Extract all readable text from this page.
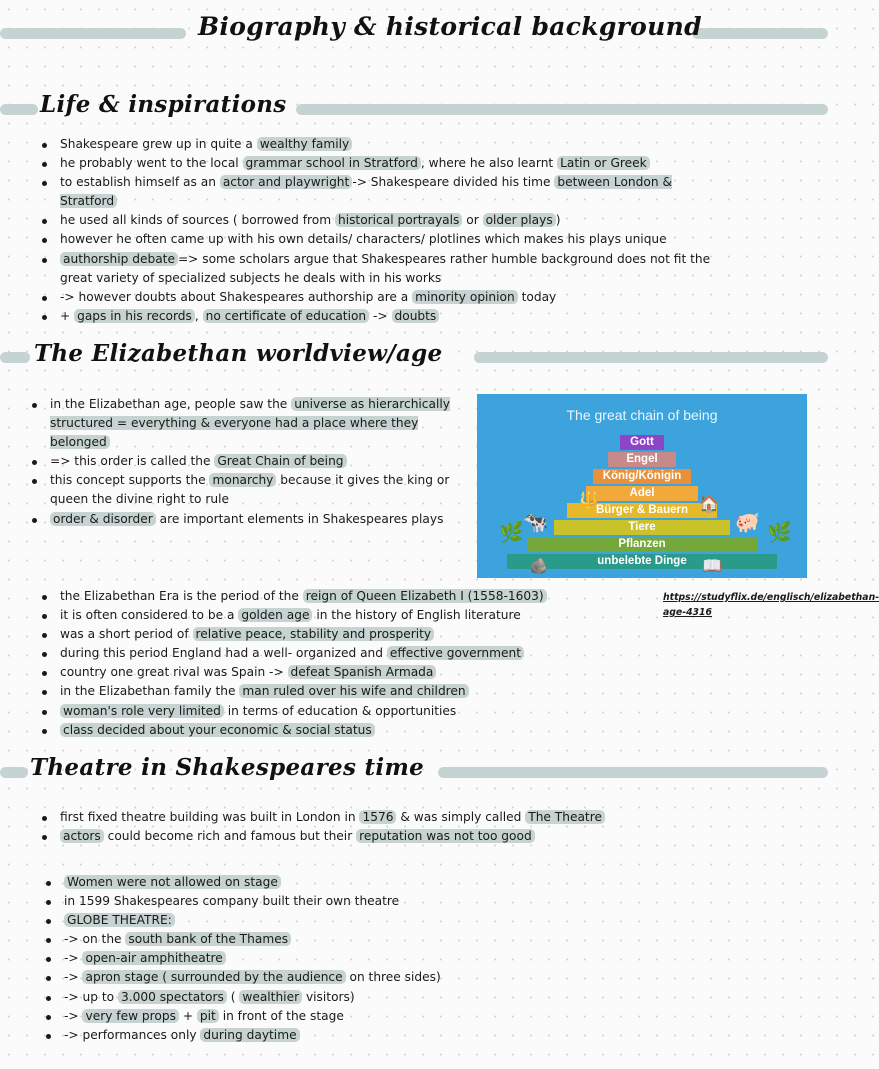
Biography & historical background
Life & inspirations
Shakespeare grew up in quite a wealthy family
he probably went to the local grammar school in Stratford , where he also learnt Latin or Greek
to establish himself as an actor and playwright -> Shakespeare divided his time between London & Stratford
he used all kinds of sources ( borrowed from historical portrayals or older plays )
however he often came up with his own details/ characters/ plotlines which makes his plays unique
authorship debate => some scholars argue that Shakespeares rather humble background does not fit the great variety of specialized subjects he deals with in his works
-> however doubts about Shakespeares authorship are a minority opinion today
+ gaps in his records , no certificate of education -> doubts
The Elizabethan worldview/age
in the Elizabethan age, people saw the universe as hierarchically structured = everything & everyone had a place where they belonged
=> this order is called the Great Chain of being
this concept supports the monarchy because it gives the king or queen the divine right to rule
order & disorder are important elements in Shakespeares plays
The great chain of being
Gott
Engel
König/Königin
Adel
Bürger & Bauern
Tiere
Pflanzen
unbelebte Dinge
🌿 🐄
🏠
🐖 🌿
📖
🪨
🔱
https://studyflix.de/englisch/elizabethan-age-4316
the Elizabethan Era is the period of the reign of Queen Elizabeth I (1558-1603)
it is often considered to be a golden age in the history of English literature
was a short period of relative peace, stability and prosperity
during this period England had a well- organized and effective government
country one great rival was Spain -> defeat Spanish Armada
in the Elizabethan family the man ruled over his wife and children
woman's role very limited in terms of education & opportunities
class decided about your economic & social status
Theatre in Shakespeares time
first fixed theatre building was built in London in 1576 & was simply called The Theatre
actors could become rich and famous but their reputation was not too good
Women were not allowed on stage
in 1599 Shakespeares company built their own theatre
GLOBE THEATRE:
-> on the south bank of the Thames
-> open-air amphitheatre
-> apron stage ( surrounded by the audience on three sides)
-> up to 3.000 spectators ( wealthier visitors)
-> very few props + pit in front of the stage
-> performances only during daytime
